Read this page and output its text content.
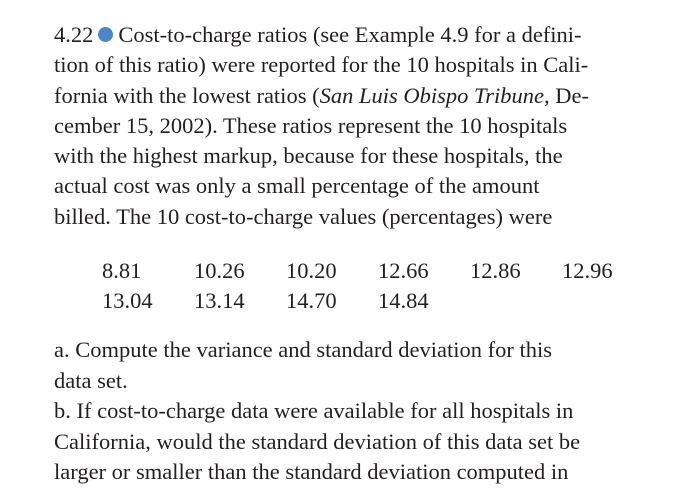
4.22 Cost-to-charge ratios (see Example 4.9 for a defini-
tion of this ratio) were reported for the 10 hospitals in Cali-
fornia with the lowest ratios (San Luis Obispo Tribune, De-
cember 15, 2002). These ratios represent the 10 hospitals
with the highest markup, because for these hospitals, the
actual cost was only a small percentage of the amount
billed. The 10 cost-to-charge values (percentages) were
8.81	10.26	10.20	12.66	12.86	12.96
13.04	13.14	14.70	14.84
a. Compute the variance and standard deviation for this
data set.
b. If cost-to-charge data were available for all hospitals in
California, would the standard deviation of this data set be
larger or smaller than the standard deviation computed in
